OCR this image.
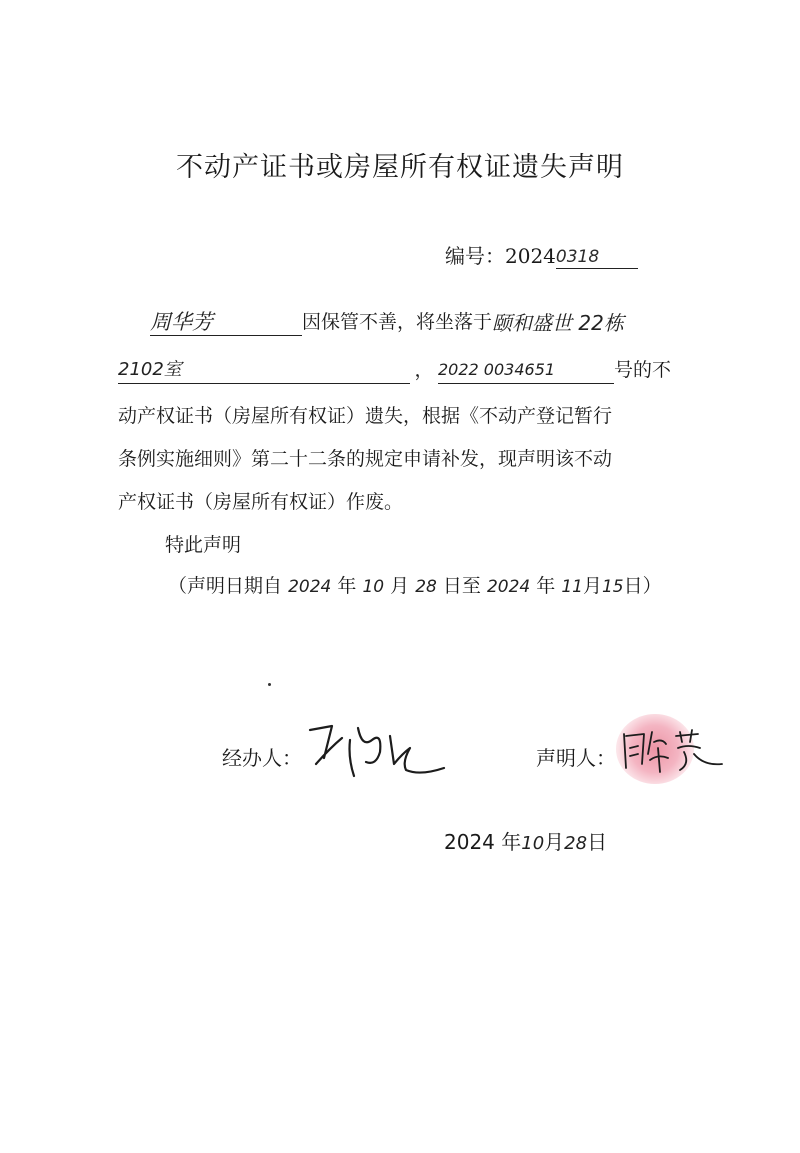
不动产证书或房屋所有权证遗失声明
编号：20240318
周华芳	因保管不善，将坐落于颐和盛世 22栋
2102室	， 2022 0034651	号的不
动产权证书（房屋所有权证）遗失，根据《不动产登记暂行
条例实施细则》第二十二条的规定申请补发，现声明该不动
产权证书（房屋所有权证）作废。
特此声明
（声明日期自 2024 年 10 月 28 日至 2024 年 11月15日）
经办人：	声明人：
2024 年10月28日
